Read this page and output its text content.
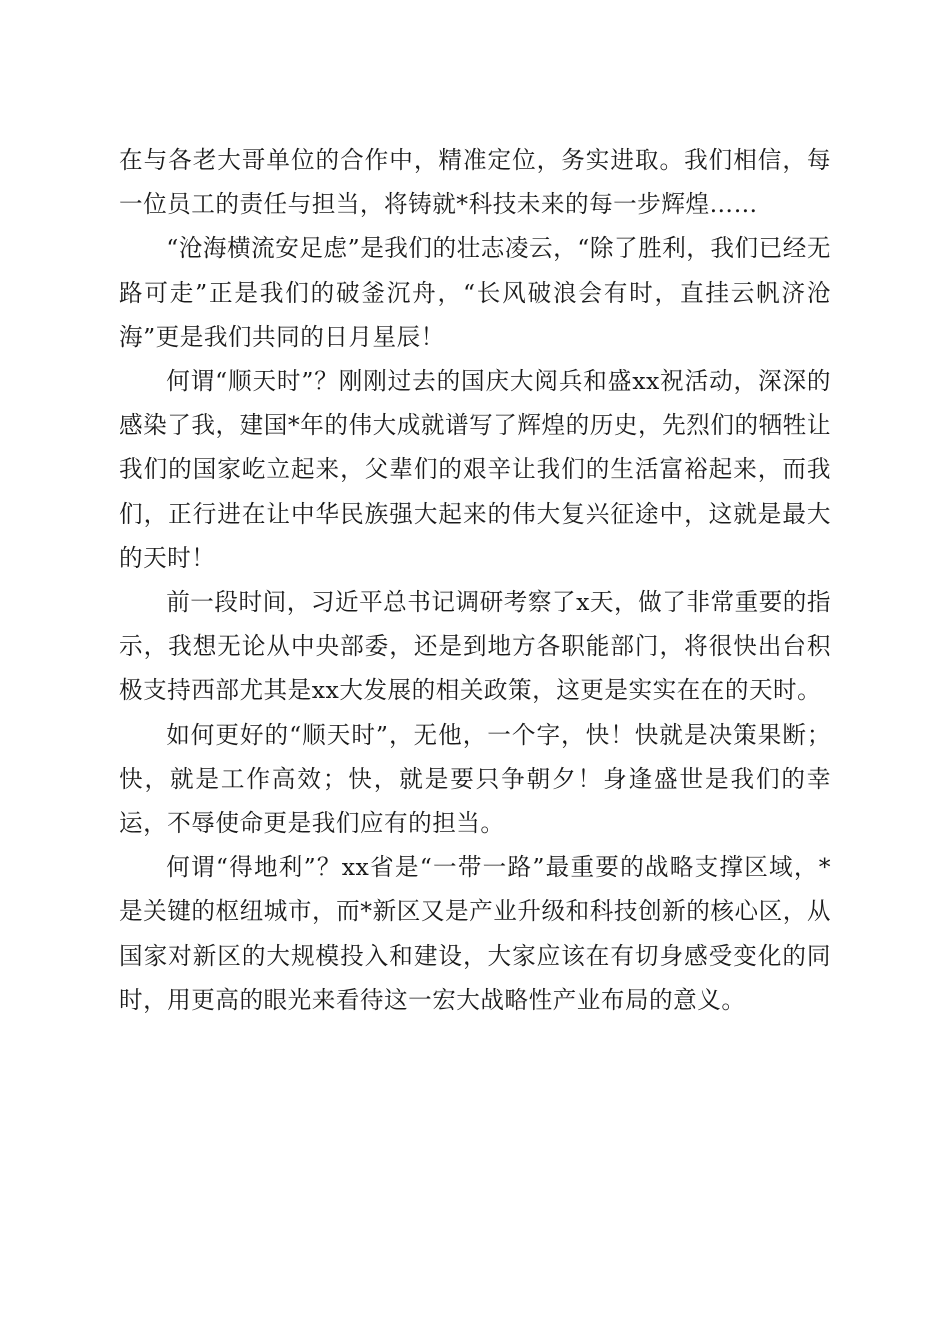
在与各老大哥单位的合作中，精准定位，务实进取。我们相信，每一位员工的责任与担当，将铸就*科技未来的每一步辉煌……

“沧海横流安足虑”是我们的壮志凌云，“除了胜利，我们已经无路可走”正是我们的破釜沉舟，“长风破浪会有时，直挂云帆济沧海”更是我们共同的日月星辰！

何谓“顺天时”？刚刚过去的国庆大阅兵和盛xx祝活动，深深的感染了我，建国*年的伟大成就谱写了辉煌的历史，先烈们的牺牲让我们的国家屹立起来，父辈们的艰辛让我们的生活富裕起来，而我们，正行进在让中华民族强大起来的伟大复兴征途中，这就是最大的天时！

前一段时间，习近平总书记调研考察了x天，做了非常重要的指示，我想无论从中央部委，还是到地方各职能部门，将很快出台积极支持西部尤其是xx大发展的相关政策，这更是实实在在的天时。

如何更好的“顺天时”，无他，一个字，快！快就是决策果断；快，就是工作高效；快，就是要只争朝夕！身逢盛世是我们的幸运，不辱使命更是我们应有的担当。

何谓“得地利”？xx省是“一带一路”最重要的战略支撑区域，*是关键的枢纽城市，而*新区又是产业升级和科技创新的核心区，从国家对新区的大规模投入和建设，大家应该在有切身感受变化的同时，用更高的眼光来看待这一宏大战略性产业布局的意义。
